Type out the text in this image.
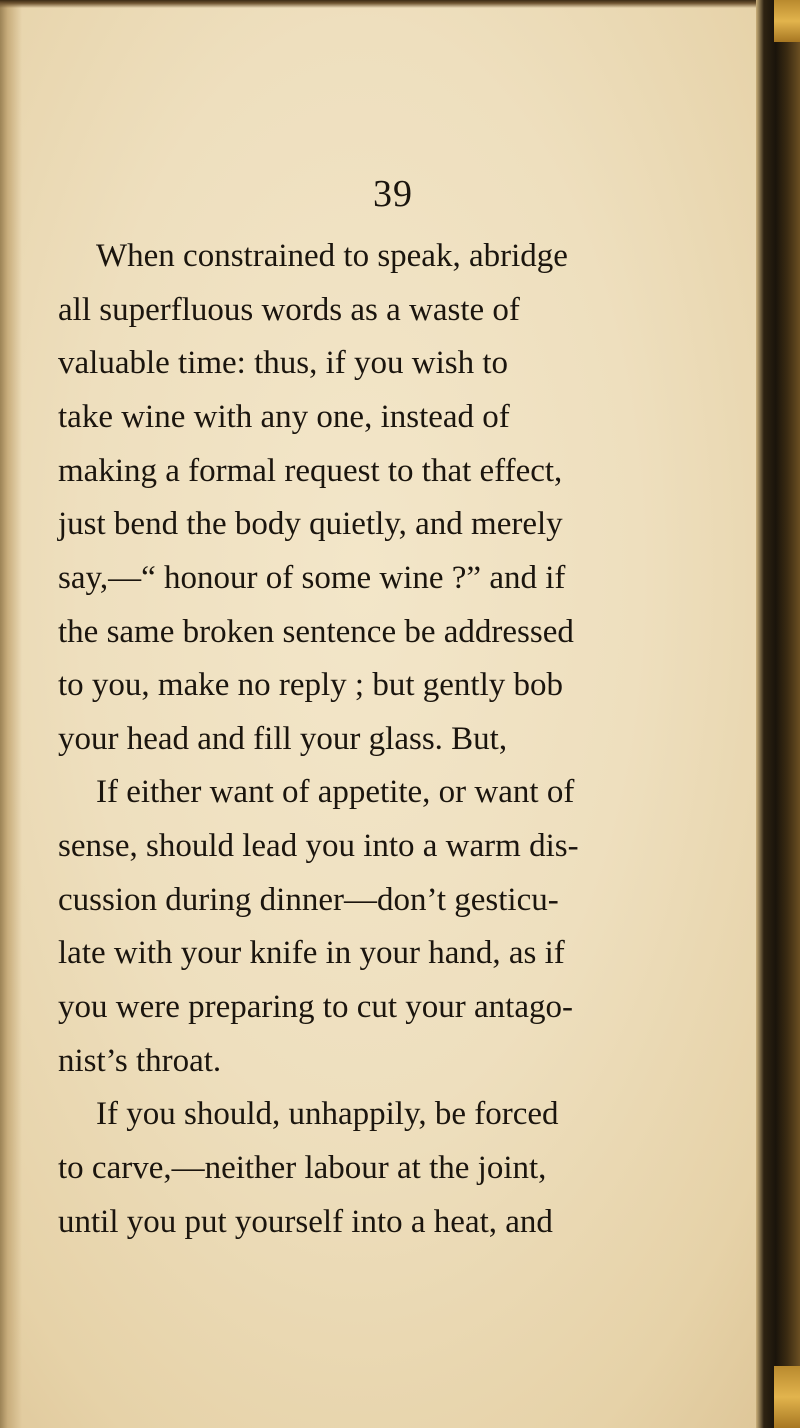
39
When constrained to speak, abridge
all superfluous words as a waste of
valuable time: thus, if you wish to
take wine with any one, instead of
making a formal request to that effect,
just bend the body quietly, and merely
say,—“ honour of some wine ?” and if
the same broken sentence be addressed
to you, make no reply ; but gently bob
your head and fill your glass. But,
If either want of appetite, or want of
sense, should lead you into a warm dis-
cussion during dinner—don’t gesticu-
late with your knife in your hand, as if
you were preparing to cut your antago-
nist’s throat.
If you should, unhappily, be forced
to carve,—neither labour at the joint,
until you put yourself into a heat, and
